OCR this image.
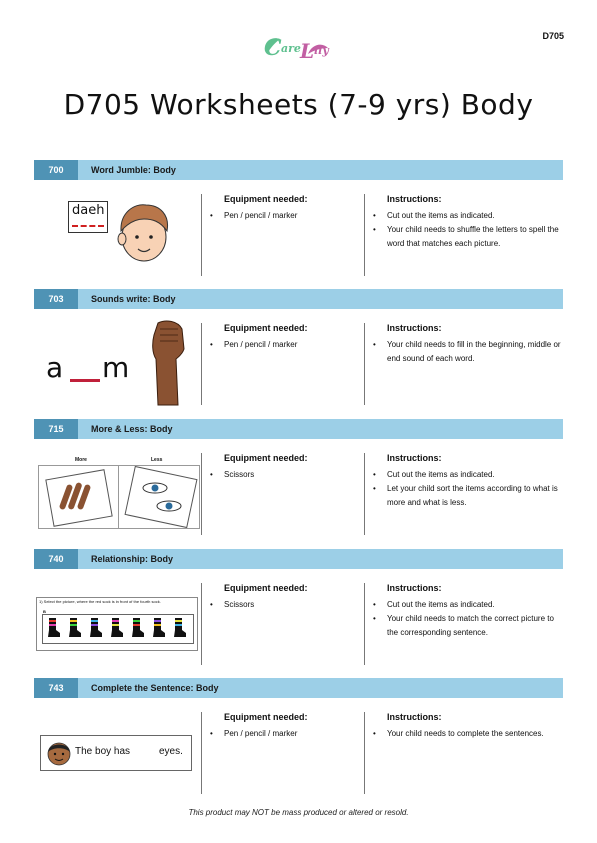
D705
C are L ily
D705 Worksheets (7-9 yrs) Body
700	Word Jumble: Body
daeh
Equipment needed:
• Pen / pencil / marker
Instructions:
• Cut out the items as indicated.
• Your child needs to shuffle the letters to spell the word that matches each picture.
703	Sounds write: Body
a m
Equipment needed:
• Pen / pencil / marker
Instructions:
• Your child needs to fill in the beginning, middle or end sound of each word.
715	More & Less: Body
More	Less	Equipment needed:
• Scissors
Instructions:
• Cut out the items as indicated.
• Let your child sort the items according to what is more and what is less.
740	Relationship: Body
1) Select the picture, where the red sock is in front of the fourth sock.
B
Equipment needed:
• Scissors
Instructions:
• Cut out the items as indicated.
• Your child needs to match the correct picture to the corresponding sentence.
743	Complete the Sentence: Body
The boy has	eyes.
Equipment needed:
• Pen / pencil / marker
Instructions:
• Your child needs to complete the sentences.
This product may NOT be mass produced or altered or resold.
